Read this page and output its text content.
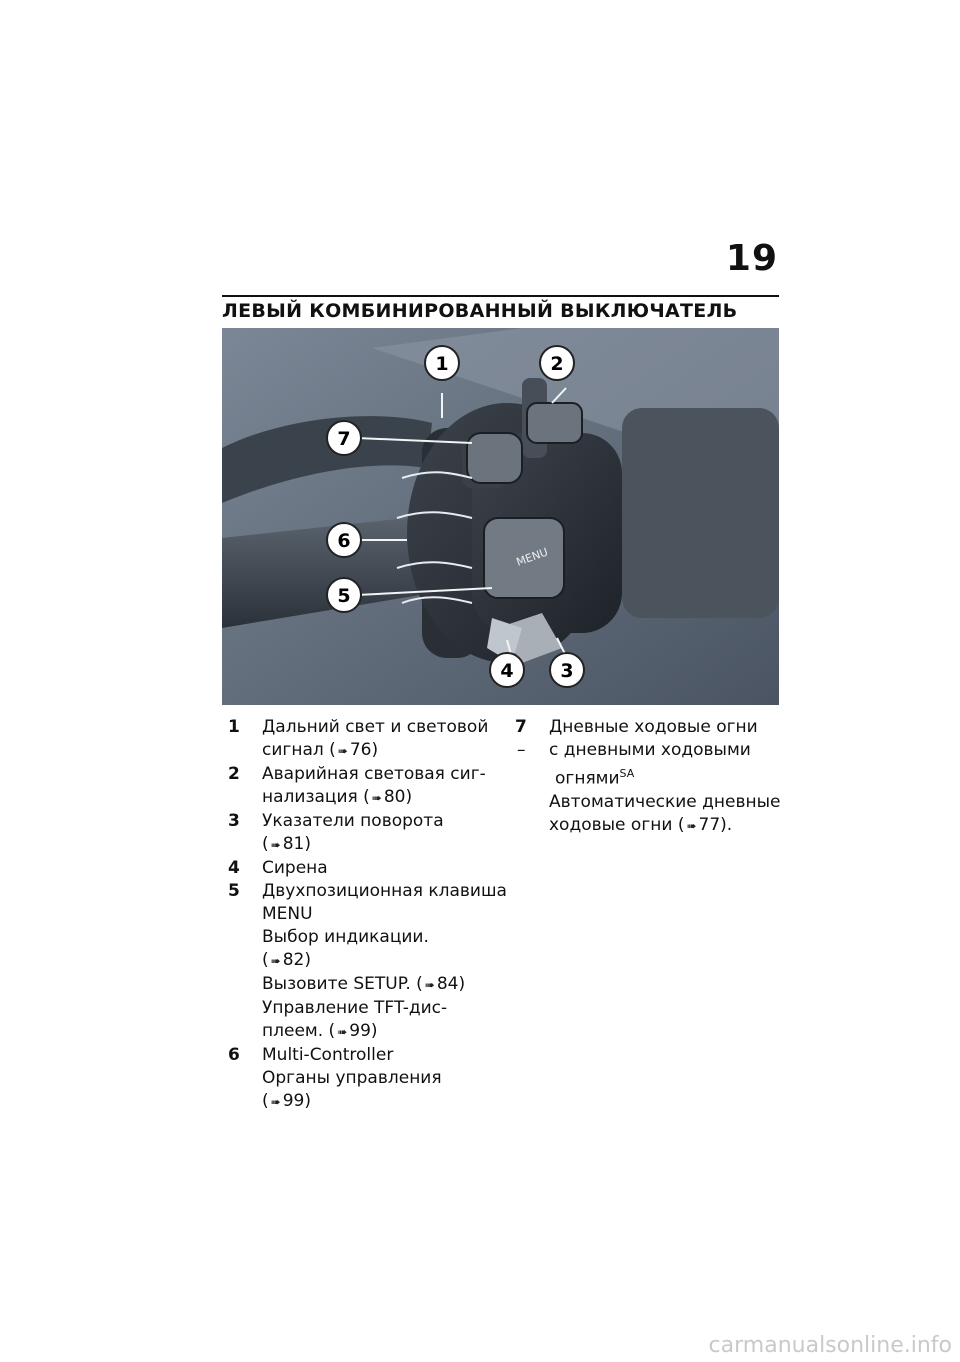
19
ЛЕВЫЙ КОМБИНИРОВАННЫЙ ВЫКЛЮЧАТЕЛЬ
MENU
1	2
7
6
5
4 3
1 Дальний свет и световой
сигнал ( ➠ 76)
2 Аварийная световая сиг-
нализация ( ➠ 80)
3 Указатели поворота
( ➠ 81)
4 Сирена
5 Двухпозиционная клавиша
MENU
Выбор индикации.
( ➠ 82)
Вызовите SETUP. ( ➠ 84)
Управление TFT-дис-
плеем. ( ➠ 99)
6 Multi-Controller
Органы управления
( ➠ 99)
7 Дневные ходовые огни
– с дневными ходовыми
огнями$^{SA}$
Автоматические дневные
ходовые огни ( ➠ 77).
carmanualsonline.info
